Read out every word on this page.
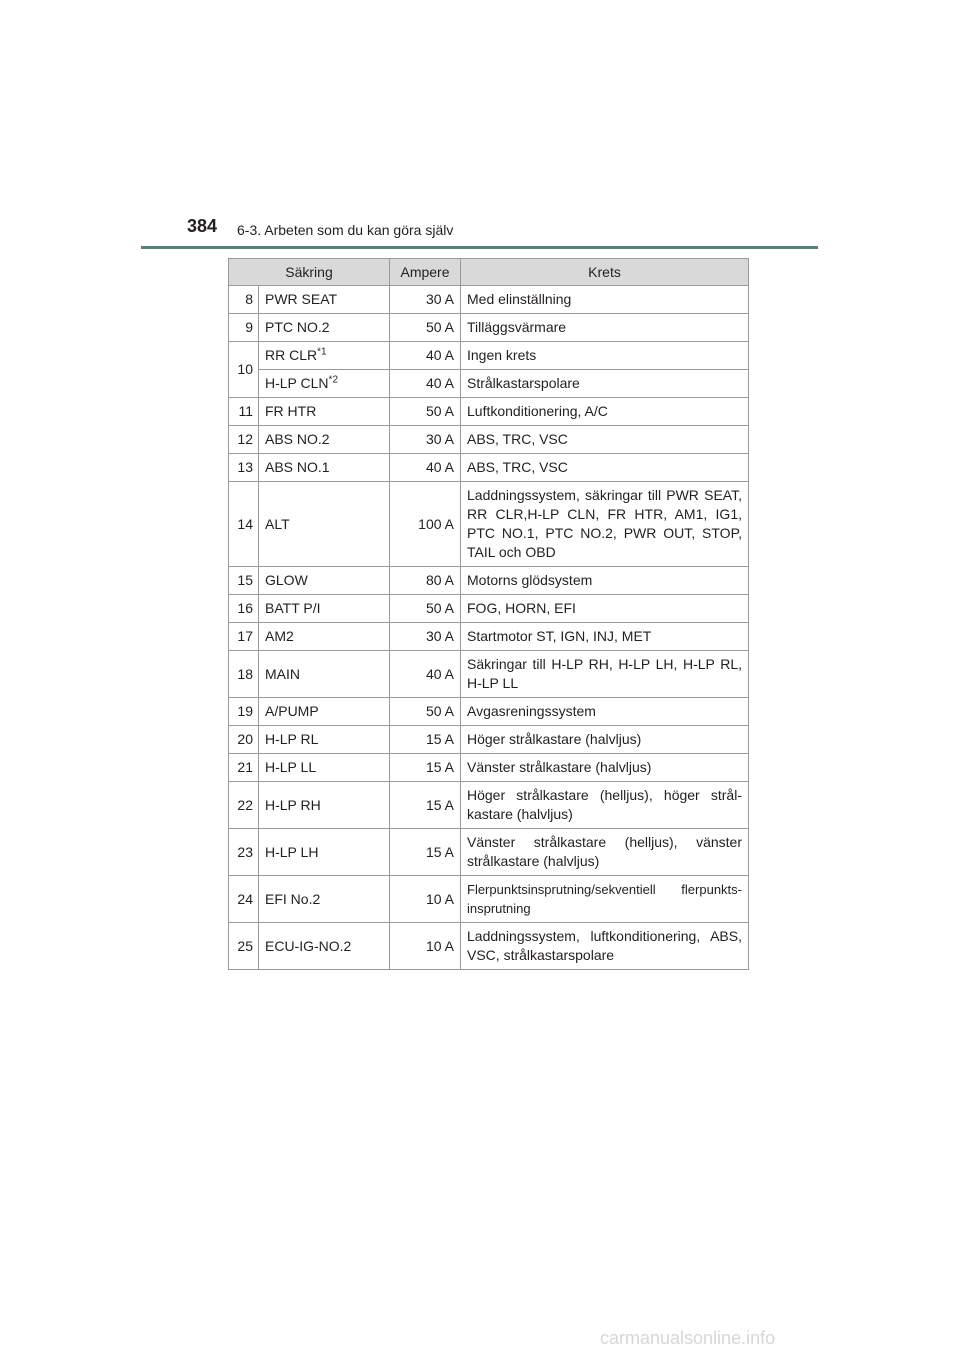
384 6-3. Arbeten som du kan göra själv
Säkring		Ampere	Krets
8	PWR SEAT	30 A	Med elinställning
9	PTC NO.2	50 A	Tilläggsvärmare
10	RR CLR$^{*1}$	40 A	Ingen krets
	H-LP CLN$^{*2}$	40 A	Strålkastarspolare
11	FR HTR	50 A	Luftkonditionering, A/C
12	ABS NO.2	30 A	ABS, TRC, VSC
13	ABS NO.1	40 A	ABS, TRC, VSC
14	ALT	100 A	Laddningssystem, säkringar till PWR SEAT, RR CLR,H-LP CLN, FR HTR, AM1, IG1, PTC NO.1, PTC NO.2, PWR OUT, STOP, TAIL och OBD
15	GLOW	80 A	Motorns glödsystem
16	BATT P/I	50 A	FOG, HORN, EFI
17	AM2	30 A	Startmotor ST, IGN, INJ, MET
18	MAIN	40 A	Säkringar till H-LP RH, H-LP LH, H-LP RL, H-LP LL
19	A/PUMP	50 A	Avgasreningssystem
20	H-LP RL	15 A	Höger strålkastare (halvljus)
21	H-LP LL	15 A	Vänster strålkastare (halvljus)
22	H-LP RH	15 A	Höger strålkastare (helljus), höger strål-kastare (halvljus)
23	H-LP LH	15 A	Vänster strålkastare (helljus), vänster strålkastare (halvljus)
24	EFI No.2	10 A	Flerpunktsinsprutning/sekventiell flerpunkts-insprutning
25	ECU-IG-NO.2	10 A	Laddningssystem, luftkonditionering, ABS, VSC, strålkastarspolare
carmanualsonline.info
